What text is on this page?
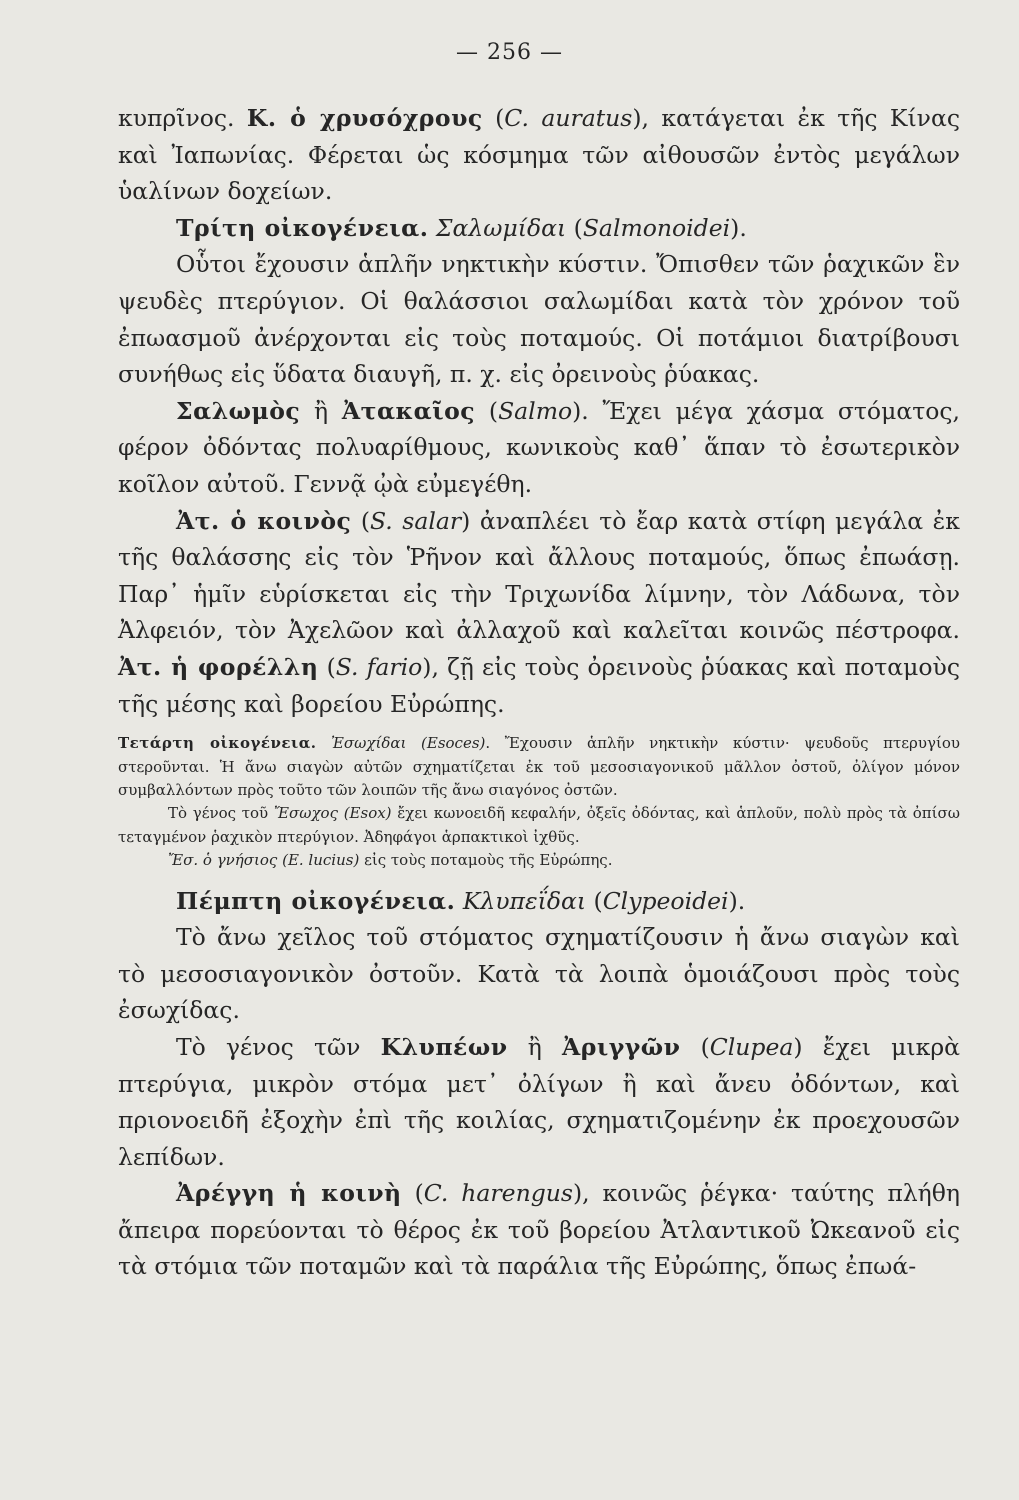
— 256 —

κυπρῖνος. Κ. ὁ χρυσόχρους (C. auratus), κατάγεται ἐκ τῆς Κίνας καὶ Ἰαπωνίας. Φέρεται ὡς κόσμημα τῶν αἰθουσῶν ἐντὸς μεγάλων ὑαλίνων δοχείων.

Τρίτη οἰκογένεια. Σαλωμίδαι (Salmonoidei).

Οὗτοι ἔχουσιν ἁπλῆν νηκτικὴν κύστιν. Ὄπισθεν τῶν ῥαχικῶν ἓν ψευδὲς πτερύγιον. Οἱ θαλάσσιοι σαλωμίδαι κατὰ τὸν χρόνον τοῦ ἐπωασμοῦ ἀνέρχονται εἰς τοὺς ποταμούς. Οἱ ποτάμιοι διατρίβουσι συνήθως εἰς ὕδατα διαυγῆ, π. χ. εἰς ὀρεινοὺς ῥύακας.

Σαλωμὸς ἢ Ἀτακαῖος (Salmo). Ἔχει μέγα χάσμα στόματος, φέρον ὀδόντας πολυαρίθμους, κωνικοὺς καθ᾽ ἅπαν τὸ ἐσωτερικὸν κοῖλον αὐτοῦ. Γεννᾷ ᾠὰ εὐμεγέθη.

Ἀτ. ὁ κοινὸς (S. salar) ἀναπλέει τὸ ἔαρ κατὰ στίφη μεγάλα ἐκ τῆς θαλάσσης εἰς τὸν Ῥῆνον καὶ ἄλλους ποταμούς, ὅπως ἐπωάσῃ. Παρ᾽ ἡμῖν εὑρίσκεται εἰς τὴν Τριχωνίδα λίμνην, τὸν Λάδωνα, τὸν Ἀλφειόν, τὸν Ἀχελῶον καὶ ἀλλαχοῦ καὶ καλεῖται κοινῶς πέστροφα. Ἀτ. ἡ φορέλλη (S. fario), ζῇ εἰς τοὺς ὀρεινοὺς ῥύακας καὶ ποταμοὺς τῆς μέσης καὶ βορείου Εὐρώπης.

Τετάρτη οἰκογένεια. Ἐσωχίδαι (Esoces). Ἔχουσιν ἁπλῆν νηκτικὴν κύστιν· ψευδοῦς πτερυγίου στεροῦνται. Ἡ ἄνω σιαγὼν αὐτῶν σχηματίζεται ἐκ τοῦ μεσοσιαγονικοῦ μᾶλλον ὀστοῦ, ὀλίγον μόνον συμβαλλόντων πρὸς τοῦτο τῶν λοιπῶν τῆς ἄνω σιαγόνος ὀστῶν.

Τὸ γένος τοῦ Ἔσωχος (Esox) ἔχει κωνοειδῆ κεφαλήν, ὀξεῖς ὀδόντας, καὶ ἁπλοῦν, πολὺ πρὸς τὰ ὀπίσω τεταγμένον ῥαχικὸν πτερύγιον. Ἀδηφάγοι ἁρπακτικοὶ ἰχθῦς.

Ἔσ. ὁ γνήσιος (E. lucius) εἰς τοὺς ποταμοὺς τῆς Εὐρώπης.

Πέμπτη οἰκογένεια. Κλυπεΐδαι (Clypeoidei).

Τὸ ἄνω χεῖλος τοῦ στόματος σχηματίζουσιν ἡ ἄνω σιαγὼν καὶ τὸ μεσοσιαγονικὸν ὀστοῦν. Κατὰ τὰ λοιπὰ ὁμοιάζουσι πρὸς τοὺς ἐσωχίδας.

Τὸ γένος τῶν Κλυπέων ἢ Ἀριγγῶν (Clupea) ἔχει μικρὰ πτερύγια, μικρὸν στόμα μετ᾽ ὀλίγων ἢ καὶ ἄνευ ὀδόντων, καὶ πριονοειδῆ ἐξοχὴν ἐπὶ τῆς κοιλίας, σχηματιζομένην ἐκ προεχουσῶν λεπίδων.

Ἀρέγγη ἡ κοινὴ (C. harengus), κοινῶς ῥέγκα· ταύτης πλήθη ἄπειρα πορεύονται τὸ θέρος ἐκ τοῦ βορείου Ἀτλαντικοῦ Ὠκεανοῦ εἰς τὰ στόμια τῶν ποταμῶν καὶ τὰ παράλια τῆς Εὐρώπης, ὅπως ἐπωά-
